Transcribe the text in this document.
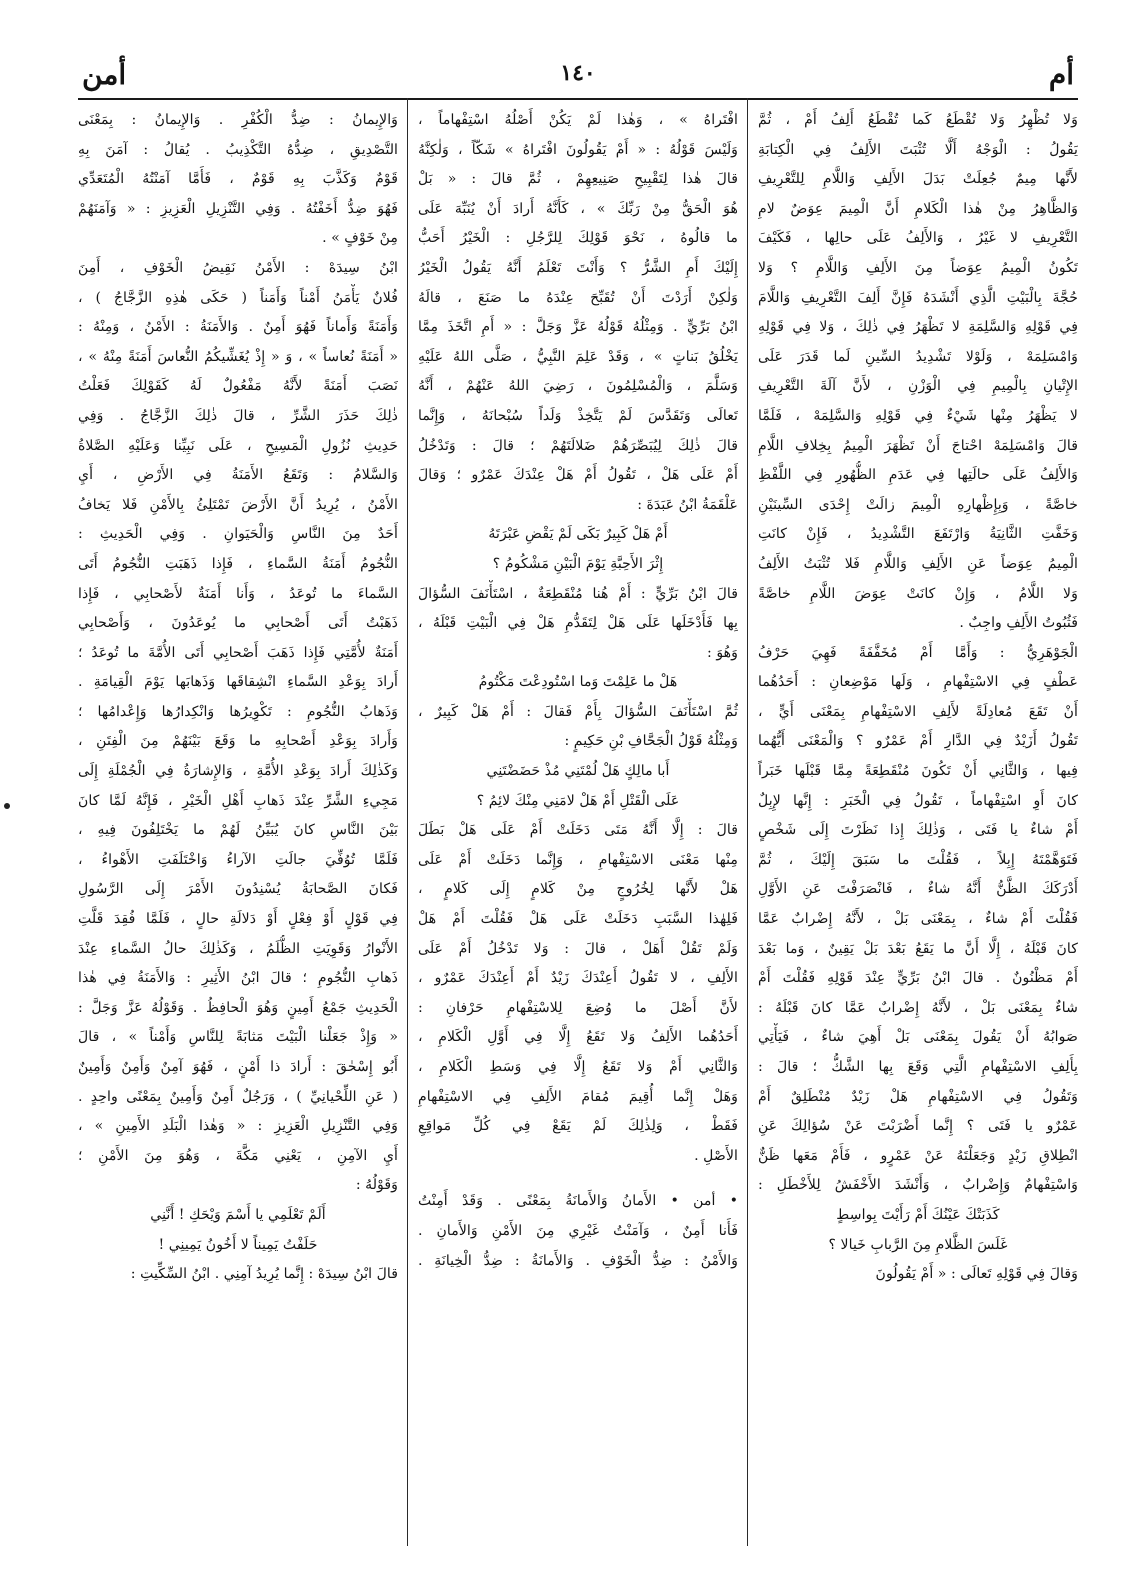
أم
١٤٠
أمن
وَلا تُظْهِرُ وَلا تُقْطَعُ كَما تُقْطَعُ أَلِفُ أَمْ ، ثُمَّ
يَقُولُ : الْوَجْهُ أَلَّا تُثْبَتَ الأَلِفُ فِي الْكِتابَةِ
لأَنَّها مِيمٌ جُعِلَتْ بَدَلَ الأَلِفِ وَاللَّامِ لِلتَّعْرِيفِ
وَالظَّاهِرُ مِنْ هٰذا الْكَلامِ أَنَّ الْمِيمَ عِوَضٌ لامِ
التَّعْرِيفِ لا غَيْرُ ، وَالأَلِفُ عَلَى حالِها ، فَكَيْفَ
تَكُونُ الْمِيمُ عِوَضاً مِنَ الأَلِفِ وَاللَّامِ ؟ وَلا
حُجَّةَ بِالْبَيْتِ الَّذِي أَنْشَدَهُ فَإِنَّ أَلِفَ التَّعْرِيفِ وَاللَّامَ
فِي قَوْلِهِ وَالسَّلِمَةِ لا تَظْهَرُ فِي ذٰلِكَ ، وَلا فِي قَوْلِهِ
وَامْسَلِمَهْ ، وَلَوْلا تَشْدِيدُ السِّينِ لَما قَدَرَ عَلَى
الإِتْيانِ بِالْمِيمِ فِي الْوَزْنِ ، لأَنَّ آلَةَ التَّعْرِيفِ
لا يَظْهَرُ مِنْها شَيْءٌ فِي قَوْلِهِ وَالسَّلِمَهْ ، فَلَمَّا
قالَ وَامْسَلِمَهْ احْتاجَ أَنْ تَظْهَرَ الْمِيمُ بِخِلافِ اللَّامِ
وَالأَلِفُ عَلَى حالَتِها فِي عَدَمِ الظُّهُورِ فِي اللَّفْظِ
خاصَّةً ، وَبِإِظْهارِهِ الْمِيمَ زالَتْ إِحْدَى السِّينَيْنِ
وَخَفَّتِ الثَّانِيَةُ وَارْتَفَعَ التَّشْدِيدُ ، فَإِنْ كانَتِ
الْمِيمُ عِوَضاً عَنِ الأَلِفِ وَاللَّامِ فَلا تُثْبَتُ الأَلِفُ
وَلا اللَّامُ ، وَإِنْ كانَتْ عِوَضَ اللَّامِ خاصَّةً
فَثُبُوتُ الأَلِفِ واجِبٌ .
الْجَوْهَرِيُّ : وَأَمَّا أَمْ مُخَفَّفَةً فَهِيَ حَرْفُ
عَطْفٍ فِي الاسْتِفْهامِ ، وَلَها مَوْضِعانِ : أَحَدُهُما
أَنْ تَقَعَ مُعادِلَةً لأَلِفِ الاسْتِفْهامِ بِمَعْنَى أَيٍّ ،
تَقُولُ أَزَيْدٌ فِي الدَّارِ أَمْ عَمْرٌو ؟ وَالْمَعْنَى أَيُّهُما
فِيها ، وَالثَّانِي أَنْ تَكُونَ مُنْقَطِعَةً مِمَّا قَبْلَها خَبَراً
كانَ أَوِ اسْتِفْهاماً ، تَقُولُ فِي الْخَبَرِ : إِنَّها لإِبِلٌ
أَمْ شاءٌ يا فَتَى ، وَذٰلِكَ إِذا نَظَرْتَ إِلَى شَخْصٍ
فَتَوَهَّمْتَهُ إِبِلاً ، فَقُلْتَ ما سَبَقَ إِلَيْكَ ، ثُمَّ
أَدْرَكَكَ الظَّنُّ أَنَّهُ شاءٌ ، فَانْصَرَفْتَ عَنِ الأَوَّلِ
فَقُلْتَ أَمْ شاءٌ ، بِمَعْنَى بَلْ ، لأَنَّهُ إِضْرابٌ عَمَّا
كانَ قَبْلَهُ ، إِلَّا أَنَّ ما يَقَعُ بَعْدَ بَلْ يَقِينٌ ، وَما بَعْدَ
أَمْ مَظْنُونٌ . قالَ ابْنُ بَرِّيٍّ عِنْدَ قَوْلِهِ فَقُلْتَ أَمْ
شاءٌ بِمَعْنَى بَلْ ، لأَنَّهُ إِضْرابٌ عَمَّا كانَ قَبْلَهُ :
صَوابُهُ أَنْ يَقُولَ بِمَعْنَى بَلْ أَهِيَ شاءٌ ، فَيَأْتِي
بِأَلِفِ الاسْتِفْهامِ الَّتِي وَقَعَ بِها الشَّكُّ ؛ قالَ :
وَتَقُولُ فِي الاسْتِفْهامِ هَلْ زَيْدٌ مُنْطَلِقٌ أَمْ
عَمْرٌو يا فَتَى ؟ إِنَّما أَضْرَبْتَ عَنْ سُؤالِكَ عَنِ
انْطِلاقِ زَيْدٍ وَجَعَلْتَهُ عَنْ عَمْرٍو ، فَأَمْ مَعَها ظَنٌّ
وَاسْتِفْهامٌ وَإِضْرابٌ ، وَأَنْشَدَ الأَخْفَشُ لِلأَخْطَلِ :
كَذَبَتْكَ عَيْنُكَ أَمْ رَأَيْتَ بِواسِطٍ
غَلَسَ الظَّلامِ مِنَ الرَّبابِ خَيالا ؟
وَقالَ فِي قَوْلِهِ تَعالَى : « أَمْ يَقُولُونَ
افْتَراهُ » ، وَهٰذا لَمْ يَكُنْ أَصْلُهُ اسْتِفْهاماً ،
وَلَيْسَ قَوْلُهُ : « أَمْ يَقُولُونَ افْتَراهُ » شَكّاً ، وَلٰكِنَّهُ
قالَ هٰذا لِتَقْبِيحِ صَنِيعِهِمْ ، ثُمَّ قالَ : « بَلْ
هُوَ الْحَقُّ مِنْ رَبِّكَ » ، كَأَنَّهُ أَرادَ أَنْ يُنَبِّهَ عَلَى
ما قالُوهُ ، نَحْوَ قَوْلِكَ لِلرَّجُلِ : الْخَيْرُ أَحَبُّ
إِلَيْكَ أَمِ الشَّرُّ ؟ وَأَنْتَ تَعْلَمُ أَنَّهُ يَقُولُ الْخَيْرُ
وَلٰكِنْ أَرَدْتَ أَنْ تُقَبِّحَ عِنْدَهُ ما صَنَعَ ، قالَهُ
ابْنُ بَرِّيٍّ . وَمِثْلُهُ قَوْلُهُ عَزَّ وَجَلَّ : « أَمِ اتَّخَذَ مِمَّا
يَخْلُقُ بَناتٍ » ، وَقَدْ عَلِمَ النَّبِيُّ ، صَلَّى اللهُ عَلَيْهِ
وَسَلَّمَ ، وَالْمُسْلِمُونَ ، رَضِيَ اللهُ عَنْهُمْ ، أَنَّهُ
تَعالَى وَتَقَدَّسَ لَمْ يَتَّخِذْ وَلَداً سُبْحانَهُ ، وَإِنَّما
قالَ ذٰلِكَ لِيُبَصِّرَهُمْ ضَلالَتَهُمْ ؛ قالَ : وَتَدْخُلُ
أَمْ عَلَى هَلْ ، تَقُولُ أَمْ هَلْ عِنْدَكَ عَمْرٌو ؛ وَقالَ
عَلْقَمَةُ ابْنُ عَبَدَةَ :
أَمْ هَلْ كَبِيرٌ بَكَى لَمْ يَقْضِ عَبْرَتَهُ
إِثْرَ الأَحِبَّةِ يَوْمَ الْبَيْنِ مَشْكُومُ ؟
قالَ ابْنُ بَرِّيٍّ : أَمْ هُنا مُنْقَطِعَةٌ ، اسْتَأْنَفَ السُّؤالَ
بِها فَأَدْخَلَها عَلَى هَلْ لِتَقَدُّمِ هَلْ فِي الْبَيْتِ قَبْلَهُ ،
وَهُوَ :
هَلْ ما عَلِمْتَ وَما اسْتُودِعْتَ مَكْتُومُ
ثُمَّ اسْتَأْنَفَ السُّؤالَ بِأَمْ فَقالَ : أَمْ هَلْ كَبِيرٌ ،
وَمِثْلُهُ قَوْلُ الْجَحَّافِ بْنِ حَكِيمٍ :
أَبا مالِكٍ هَلْ لُمْتَنِي مُذْ حَضَضْتَنِي
عَلَى الْقَتْلِ أَمْ هَلْ لامَنِي مِنْكَ لائِمُ ؟
قالَ : إِلَّا أَنَّهُ مَتَى دَخَلَتْ أَمْ عَلَى هَلْ بَطَلَ
مِنْها مَعْنَى الاسْتِفْهامِ ، وَإِنَّما دَخَلَتْ أَمْ عَلَى
هَلْ لأَنَّها لِخُرُوجٍ مِنْ كَلامٍ إِلَى كَلامٍ ،
فَلِهٰذا السَّبَبِ دَخَلَتْ عَلَى هَلْ فَقُلْتَ أَمْ هَلْ
وَلَمْ تَقُلْ أَهَلْ ، قالَ : وَلا تَدْخُلُ أَمْ عَلَى
الأَلِفِ ، لا تَقُولُ أَعِنْدَكَ زَيْدٌ أَمْ أَعِنْدَكَ عَمْرٌو ،
لأَنَّ أَصْلَ ما وُضِعَ لِلاسْتِفْهامِ حَرْفانِ :
أَحَدُهُما الأَلِفُ وَلا تَقَعُ إِلَّا فِي أَوَّلِ الْكَلامِ ،
وَالثَّانِي أَمْ وَلا تَقَعُ إِلَّا فِي وَسَطِ الْكَلامِ ،
وَهَلْ إِنَّما أُقِيمَ مُقامَ الأَلِفِ فِي الاسْتِفْهامِ
فَقَطْ ، وَلِذٰلِكَ لَمْ يَقَعْ فِي كُلِّ مَواقِعِ
الأَصْلِ .
• أمن • الأَمانُ وَالأَمانَةُ بِمَعْنًى . وَقَدْ أَمِنْتُ
فَأَنا أَمِنٌ ، وَآمَنْتُ غَيْرِي مِنَ الأَمْنِ وَالأَمانِ .
وَالأَمْنُ : ضِدُّ الْخَوْفِ . وَالأَمانَةُ : ضِدُّ الْخِيانَةِ .
وَالإِيمانُ : ضِدُّ الْكُفْرِ . وَالإِيمانُ : بِمَعْنَى
التَّصْدِيقِ ، ضِدُّهُ التَّكْذِيبُ . يُقالُ : آمَنَ بِهِ
قَوْمٌ وَكَذَّبَ بِهِ قَوْمٌ ، فَأَمَّا آمَنْتُهُ الْمُتَعَدِّي
فَهُوَ ضِدُّ أَخَفْتُهُ . وَفِي التَّنْزِيلِ الْعَزِيزِ : « وَآمَنَهُمْ
مِنْ خَوْفٍ » .
ابْنُ سِيدَهْ : الأَمْنُ نَقِيضُ الْخَوْفِ ، أَمِنَ
فُلانٌ يَأْمَنُ أَمْناً وَأَمَناً ( حَكَى هٰذِهِ الزَّجَّاجُ ) ،
وَأَمَنَةً وَأَماناً فَهُوَ أَمِنٌ . وَالأَمَنَةُ : الأَمْنُ ، وَمِنْهُ :
« أَمَنَةً نُعاساً » ، وَ « إِذْ يُغَشِّيكُمُ النُّعاسَ أَمَنَةً مِنْهُ » ،
نَصَبَ أَمَنَةً لأَنَّهُ مَفْعُولٌ لَهُ كَقَوْلِكَ فَعَلْتُ
ذٰلِكَ حَذَرَ الشَّرِّ ، قالَ ذٰلِكَ الزَّجَّاجُ . وَفِي
حَدِيثِ نُزُولِ الْمَسِيحِ ، عَلَى نَبِيِّنا وَعَلَيْهِ الصَّلاةُ
وَالسَّلامُ : وَتَقَعُ الأَمَنَةُ فِي الأَرْضِ ، أَيِ
الأَمْنُ ، يُرِيدُ أَنَّ الأَرْضَ تَمْتَلِئُ بِالأَمْنِ فَلا يَخافُ
أَحَدٌ مِنَ النَّاسِ وَالْحَيَوانِ . وَفِي الْحَدِيثِ :
النُّجُومُ أَمَنَةُ السَّماءِ ، فَإِذا ذَهَبَتِ النُّجُومُ أَتَى
السَّماءَ ما تُوعَدُ ، وَأَنا أَمَنَةٌ لأَصْحابِي ، فَإِذا
ذَهَبْتُ أَتَى أَصْحابِي ما يُوعَدُونَ ، وَأَصْحابِي
أَمَنَةٌ لأُمَّتِي فَإِذا ذَهَبَ أَصْحابِي أَتَى الأُمَّةَ ما تُوعَدُ ؛
أَرادَ بِوَعْدِ السَّماءِ انْشِقاقَها وَذَهابَها يَوْمَ الْقِيامَةِ .
وَذَهابُ النُّجُومِ : تَكْوِيرُها وَانْكِدارُها وَإِعْدامُها ؛
وَأَرادَ بِوَعْدِ أَصْحابِهِ ما وَقَعَ بَيْنَهُمْ مِنَ الْفِتَنِ ،
وَكَذٰلِكَ أَرادَ بِوَعْدِ الأُمَّةِ ، وَالإِشارَةُ فِي الْجُمْلَةِ إِلَى
مَجِيءِ الشَّرِّ عِنْدَ ذَهابِ أَهْلِ الْخَيْرِ ، فَإِنَّهُ لَمَّا كانَ
بَيْنَ النَّاسِ كانَ يُبَيِّنُ لَهُمْ ما يَخْتَلِفُونَ فِيهِ ،
فَلَمَّا تُوُفِّيَ جالَتِ الآراءُ وَاخْتَلَفَتِ الأَهْواءُ ،
فَكانَ الصَّحابَةُ يُسْنِدُونَ الأَمْرَ إِلَى الرَّسُولِ
فِي قَوْلٍ أَوْ فِعْلٍ أَوْ دَلالَةِ حالٍ ، فَلَمَّا فُقِدَ قَلَّتِ
الأَنْوارُ وَقَوِيَتِ الظُّلَمُ ، وَكَذٰلِكَ حالُ السَّماءِ عِنْدَ
ذَهابِ النُّجُومِ ؛ قالَ ابْنُ الأَثِيرِ : وَالأَمَنَةُ فِي هٰذا
الْحَدِيثِ جَمْعُ أَمِينٍ وَهُوَ الْحافِظُ . وَقَوْلُهُ عَزَّ وَجَلَّ :
« وَإِذْ جَعَلْنا الْبَيْتَ مَثابَةً لِلنَّاسِ وَأَمْناً » ، قالَ
أَبُو إِسْحٰقَ : أَرادَ ذا أَمْنٍ ، فَهُوَ آمِنٌ وَأَمِنٌ وَأَمِينٌ
( عَنِ اللِّحْيانِيِّ ) ، وَرَجُلٌ أَمِنٌ وَأَمِينٌ بِمَعْنًى واحِدٍ .
وَفِي التَّنْزِيلِ الْعَزِيزِ : « وَهٰذا الْبَلَدِ الأَمِينِ » ،
أَيِ الآمِنِ ، يَعْنِي مَكَّةَ ، وَهُوَ مِنَ الأَمْنِ ؛
وَقَوْلُهُ :
أَلَمْ تَعْلَمِي يا أَسْمَ وَيْحَكِ ! أَنَّنِي
حَلَفْتُ يَمِيناً لا أَخُونُ يَمِينِي !
قالَ ابْنُ سِيدَهْ : إِنَّما يُرِيدُ آمِنِي . ابْنُ السِّكِّيتِ :
